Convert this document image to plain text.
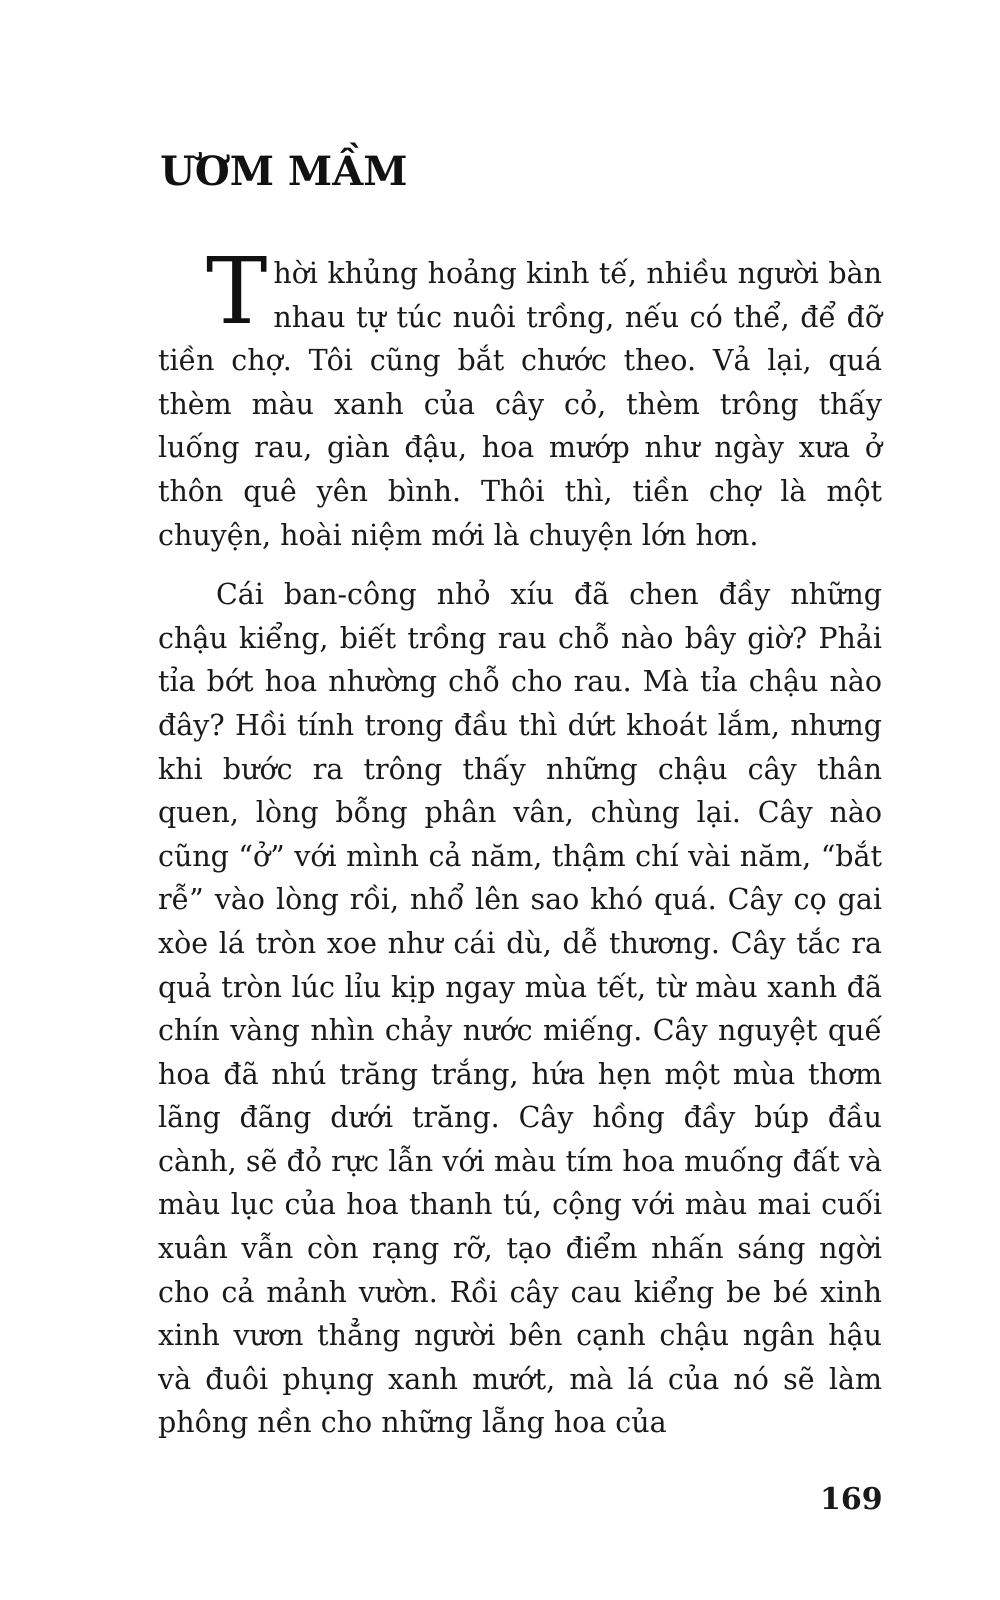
ƯƠM MẦM

Thời khủng hoảng kinh tế, nhiều người bàn nhau tự túc nuôi trồng, nếu có thể, để đỡ tiền chợ. Tôi cũng bắt chước theo. Vả lại, quá thèm màu xanh của cây cỏ, thèm trông thấy luống rau, giàn đậu, hoa mướp như ngày xưa ở thôn quê yên bình. Thôi thì, tiền chợ là một chuyện, hoài niệm mới là chuyện lớn hơn.

Cái ban-công nhỏ xíu đã chen đầy những chậu kiểng, biết trồng rau chỗ nào bây giờ? Phải tỉa bớt hoa nhường chỗ cho rau. Mà tỉa chậu nào đây? Hồi tính trong đầu thì dứt khoát lắm, nhưng khi bước ra trông thấy những chậu cây thân quen, lòng bỗng phân vân, chùng lại. Cây nào cũng “ở” với mình cả năm, thậm chí vài năm, “bắt rễ” vào lòng rồi, nhổ lên sao khó quá. Cây cọ gai xòe lá tròn xoe như cái dù, dễ thương. Cây tắc ra quả tròn lúc lỉu kịp ngay mùa tết, từ màu xanh đã chín vàng nhìn chảy nước miếng. Cây nguyệt quế hoa đã nhú trăng trắng, hứa hẹn một mùa thơm lãng đãng dưới trăng. Cây hồng đầy búp đầu cành, sẽ đỏ rực lẫn với màu tím hoa muống đất và màu lục của hoa thanh tú, cộng với màu mai cuối xuân vẫn còn rạng rỡ, tạo điểm nhấn sáng ngời cho cả mảnh vườn. Rồi cây cau kiểng be bé xinh xinh vươn thẳng người bên cạnh chậu ngân hậu và đuôi phụng xanh mướt, mà lá của nó sẽ làm phông nền cho những lẵng hoa của

169
